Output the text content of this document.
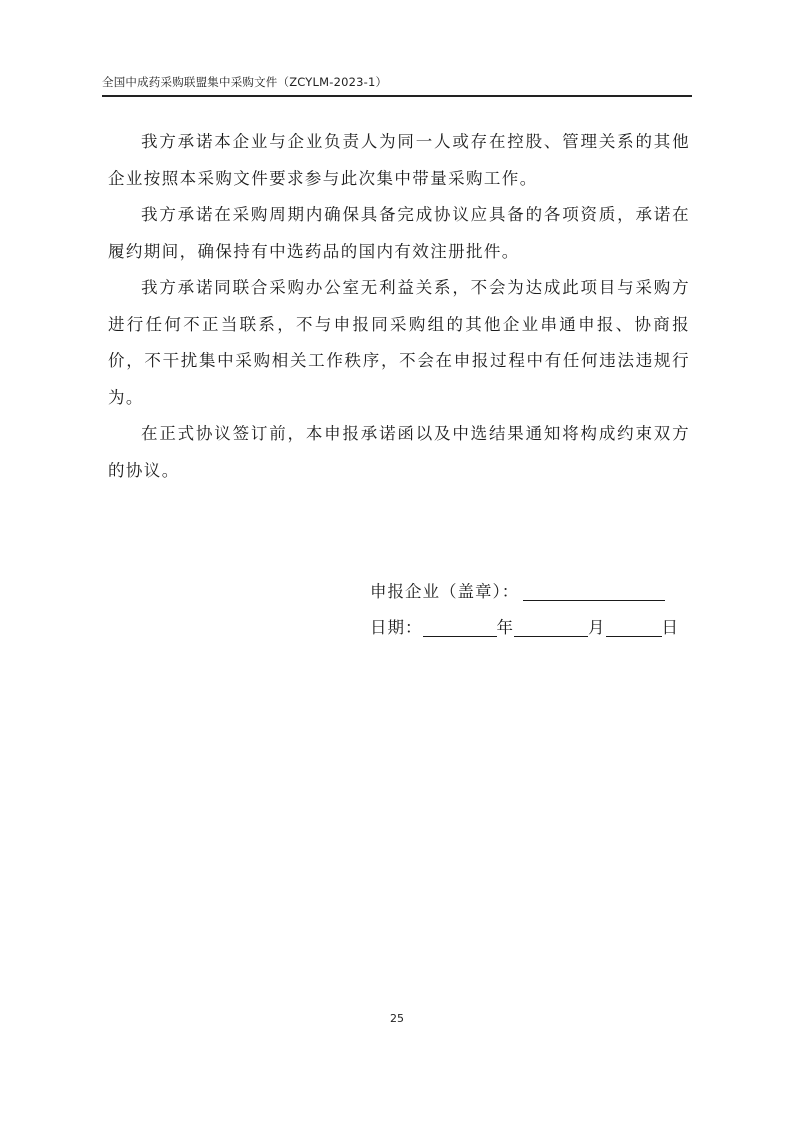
全国中成药采购联盟集中采购文件（ZCYLM-2023-1）

我方承诺本企业与企业负责人为同一人或存在控股、管理关系的其他企业按照本采购文件要求参与此次集中带量采购工作。

我方承诺在采购周期内确保具备完成协议应具备的各项资质，承诺在履约期间，确保持有中选药品的国内有效注册批件。

我方承诺同联合采购办公室无利益关系，不会为达成此项目与采购方进行任何不正当联系，不与申报同采购组的其他企业串通申报、协商报价，不干扰集中采购相关工作秩序，不会在申报过程中有任何违法违规行为。

在正式协议签订前，本申报承诺函以及中选结果通知将构成约束双方的协议。

申报企业（盖章）：
日期：	年	月	日
25
